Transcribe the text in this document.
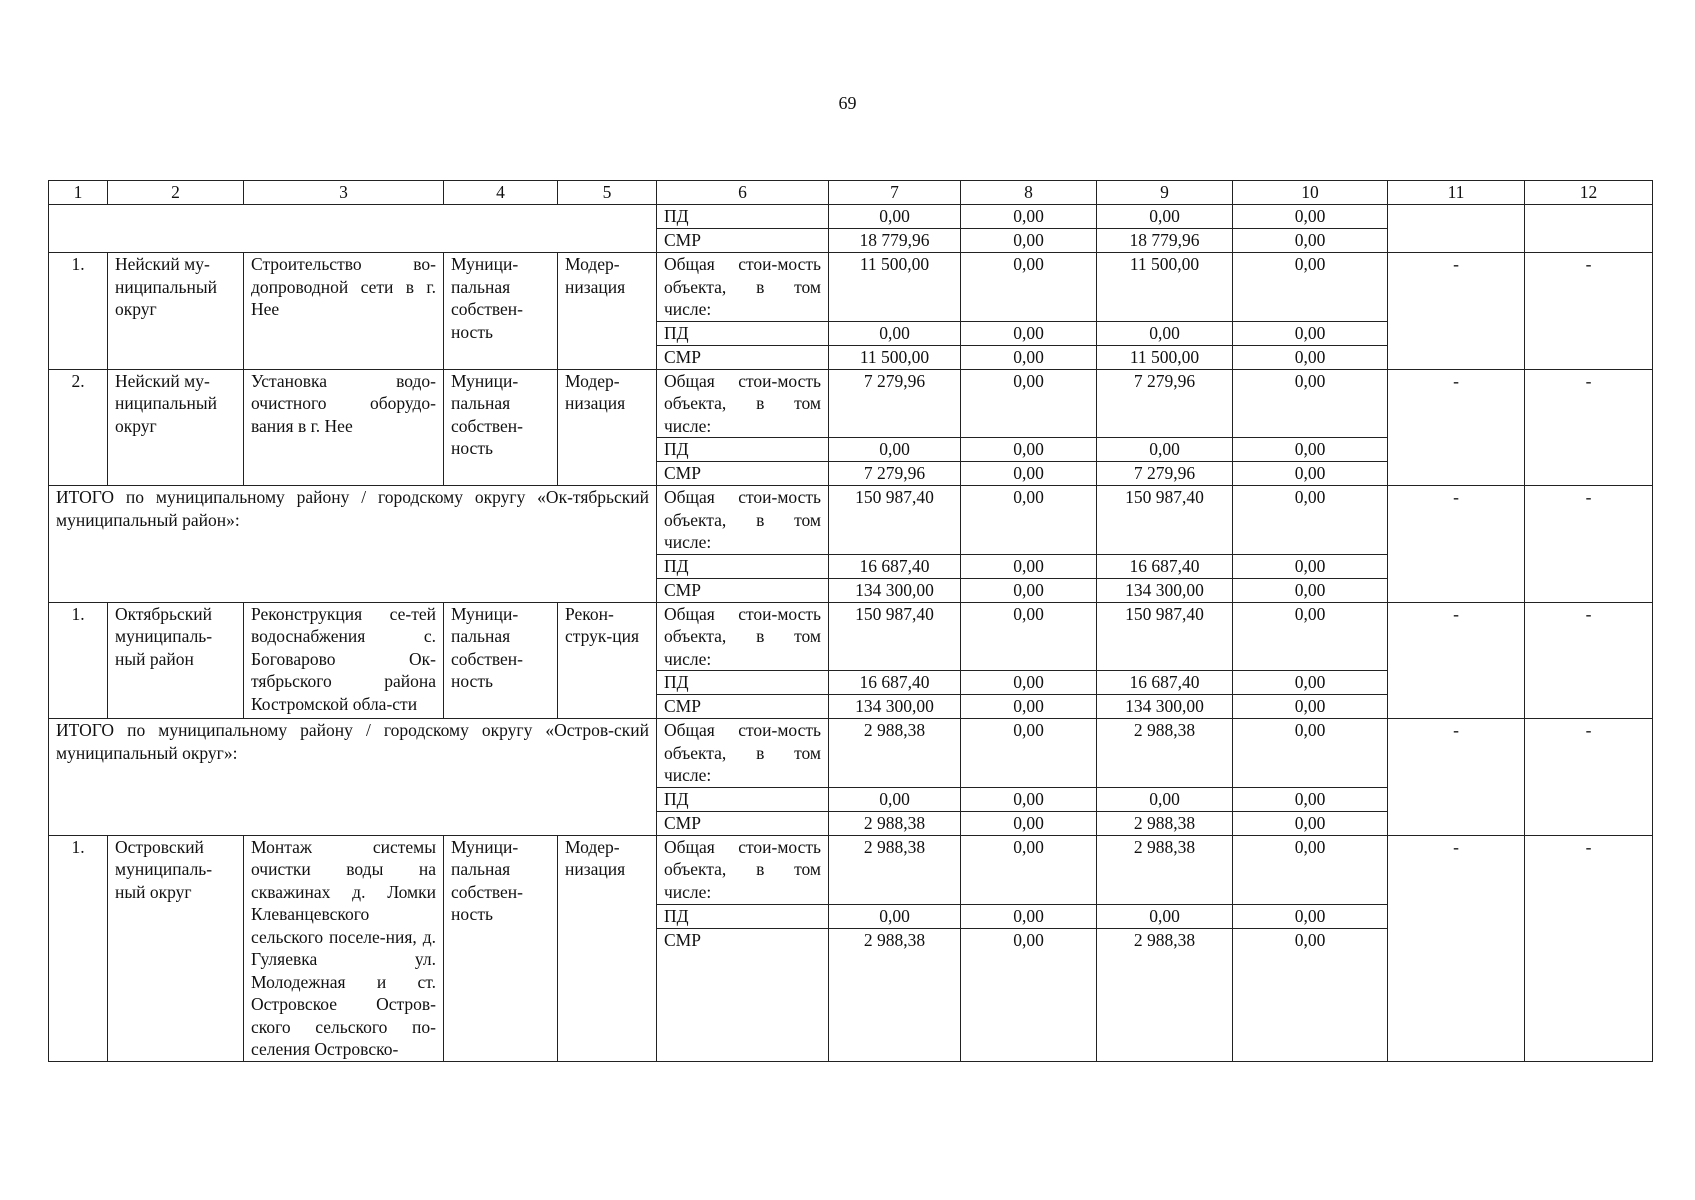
69
1	2	3	4	5	6	7	8	9	10	11	12
					ПД	0,00	0,00	0,00	0,00		
					СМР	18 779,96	0,00	18 779,96	0,00		
1.	Нейский му-ниципальный округ	Строительство во-допроводной сети в г. Нее	Муници-пальная собствен-ность	Модер-низация	Общая стои-мость объекта, в том числе:	11 500,00	0,00	11 500,00	0,00	-	-
					ПД	0,00	0,00	0,00	0,00		
					СМР	11 500,00	0,00	11 500,00	0,00		
2.	Нейский му-ниципальный округ	Установка водо-очистного оборудо-вания в г. Нее	Муници-пальная собствен-ность	Модер-низация	Общая стои-мость объекта, в том числе:	7 279,96	0,00	7 279,96	0,00	-	-
					ПД	0,00	0,00	0,00	0,00		
					СМР	7 279,96	0,00	7 279,96	0,00		
ИТОГО по муниципальному району / городскому округу «Ок-тябрьский муниципальный район»:					Общая стои-мость объекта, в том числе:	150 987,40	0,00	150 987,40	0,00	-	-
					ПД	16 687,40	0,00	16 687,40	0,00		
					СМР	134 300,00	0,00	134 300,00	0,00		
1.	Октябрьский муниципаль-ный район	Реконструкция се-тей водоснабжения с. Боговарово Ок-тябрьского района Костромской обла-сти	Муници-пальная собствен-ность	Рекон-струк-ция	Общая стои-мость объекта, в том числе:	150 987,40	0,00	150 987,40	0,00	-	-
					ПД	16 687,40	0,00	16 687,40	0,00		
					СМР	134 300,00	0,00	134 300,00	0,00		
ИТОГО по муниципальному району / городскому округу «Остров-ский муниципальный округ»:					Общая стои-мость объекта, в том числе:	2 988,38	0,00	2 988,38	0,00	-	-
					ПД	0,00	0,00	0,00	0,00		
					СМР	2 988,38	0,00	2 988,38	0,00		
1.	Островский муниципаль-ный округ	Монтаж системы очистки воды на скважинах д. Ломки Клеванцевского сельского поселе-ния, д. Гуляевка ул. Молодежная и ст. Островское Остров-ского сельского по-селения Островско-	Муници-пальная собствен-ность	Модер-низация	Общая стои-мость объекта, в том числе:	2 988,38	0,00	2 988,38	0,00	-	-
					ПД	0,00	0,00	0,00	0,00		
					СМР	2 988,38	0,00	2 988,38	0,00		
